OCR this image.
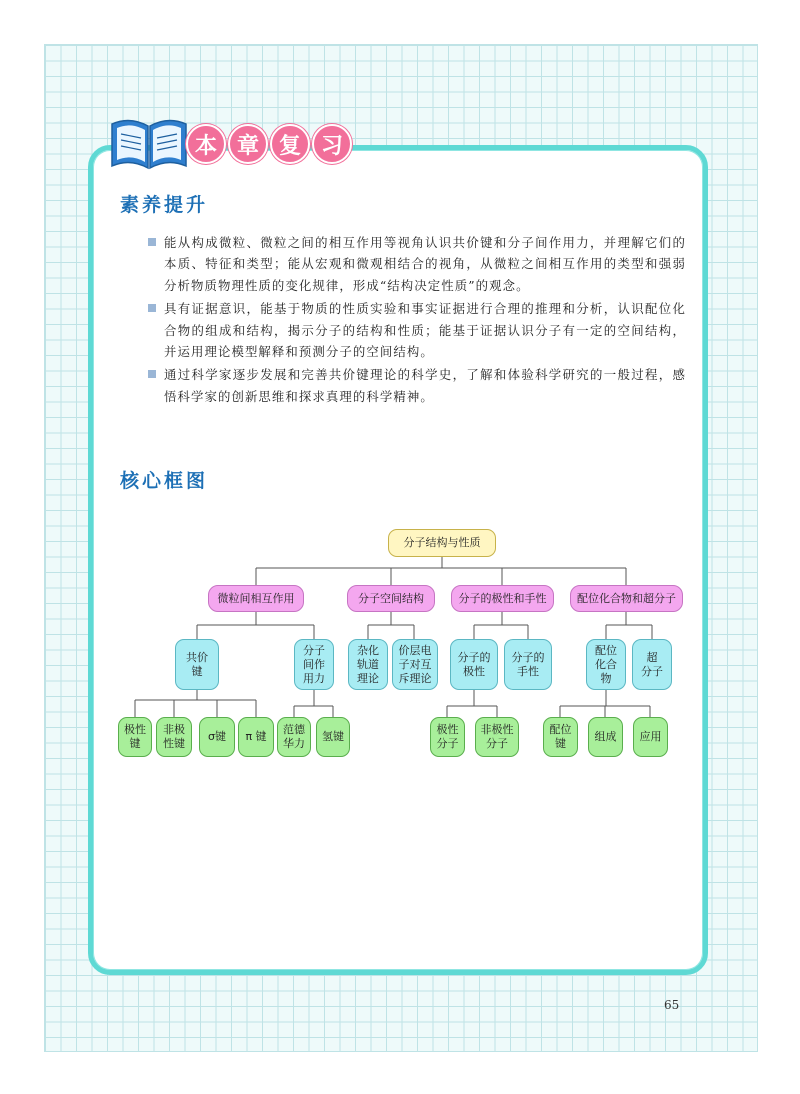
本 章 复 习
素养提升
能从构成微粒、微粒之间的相互作用等视角认识共价键和分子间作用力，并理解它们的本质、特征和类型；能从宏观和微观相结合的视角，从微粒之间相互作用的类型和强弱分析物质物理性质的变化规律，形成“结构决定性质”的观念。
具有证据意识，能基于物质的性质实验和事实证据进行合理的推理和分析，认识配位化合物的组成和结构，揭示分子的结构和性质；能基于证据认识分子有一定的空间结构，并运用理论模型解释和预测分子的空间结构。
通过科学家逐步发展和完善共价键理论的科学史，了解和体验科学研究的一般过程，感悟科学家的创新思维和探求真理的科学精神。
核心框图
分子结构与性质
微粒间相互作用	分子空间结构	分子的极性和手性	配位化合物和超分子
共价
键
分子
间作
用力
杂化
轨道
理论
价层电
子对互
斥理论
分子的
极性
分子的
手性
配位
化合
物
超
分子
极性
键
非极
性键
σ键	π 键
范德
华力
氢键
极性
分子
非极性
分子
配位
键
组成	应用
65
